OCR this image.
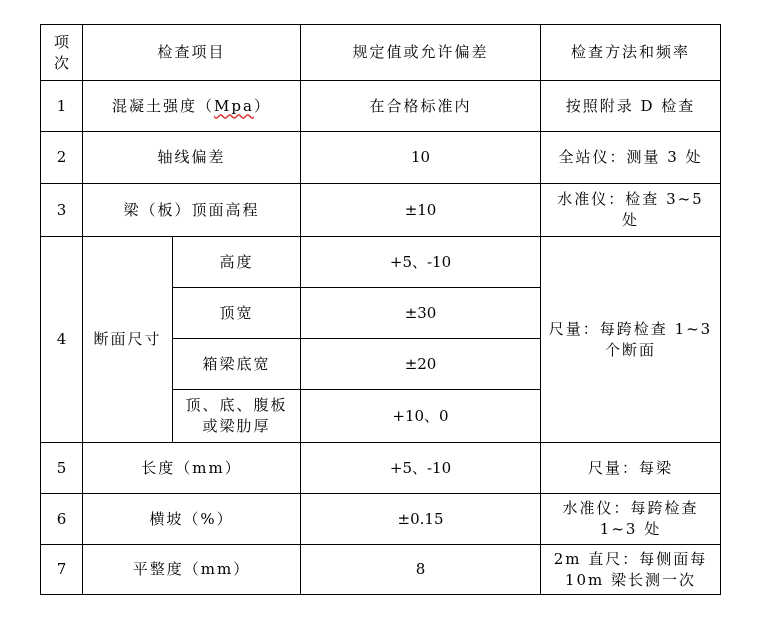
项次	检查项目		规定值或允许偏差	检查方法和频率
1	混凝土强度（Mpa）		在合格标准内	按照附录 D 检查
2	轴线偏差		10	全站仪：测量 3 处
3	梁（板）顶面高程		±10	水准仪：检查 3~5 处
4	断面尺寸	高度	+5、-10	尺量：每跨检查 1~3 个断面
		顶宽	±30	
		箱梁底宽	±20	
		顶、底、腹板或梁肋厚	+10、0	
5	长度（mm）		+5、-10	尺量：每梁
6	横坡（%）		±0.15	水准仪：每跨检查 1~3 处
7	平整度（mm）		8	2m 直尺：每侧面每 10m 梁长测一次
